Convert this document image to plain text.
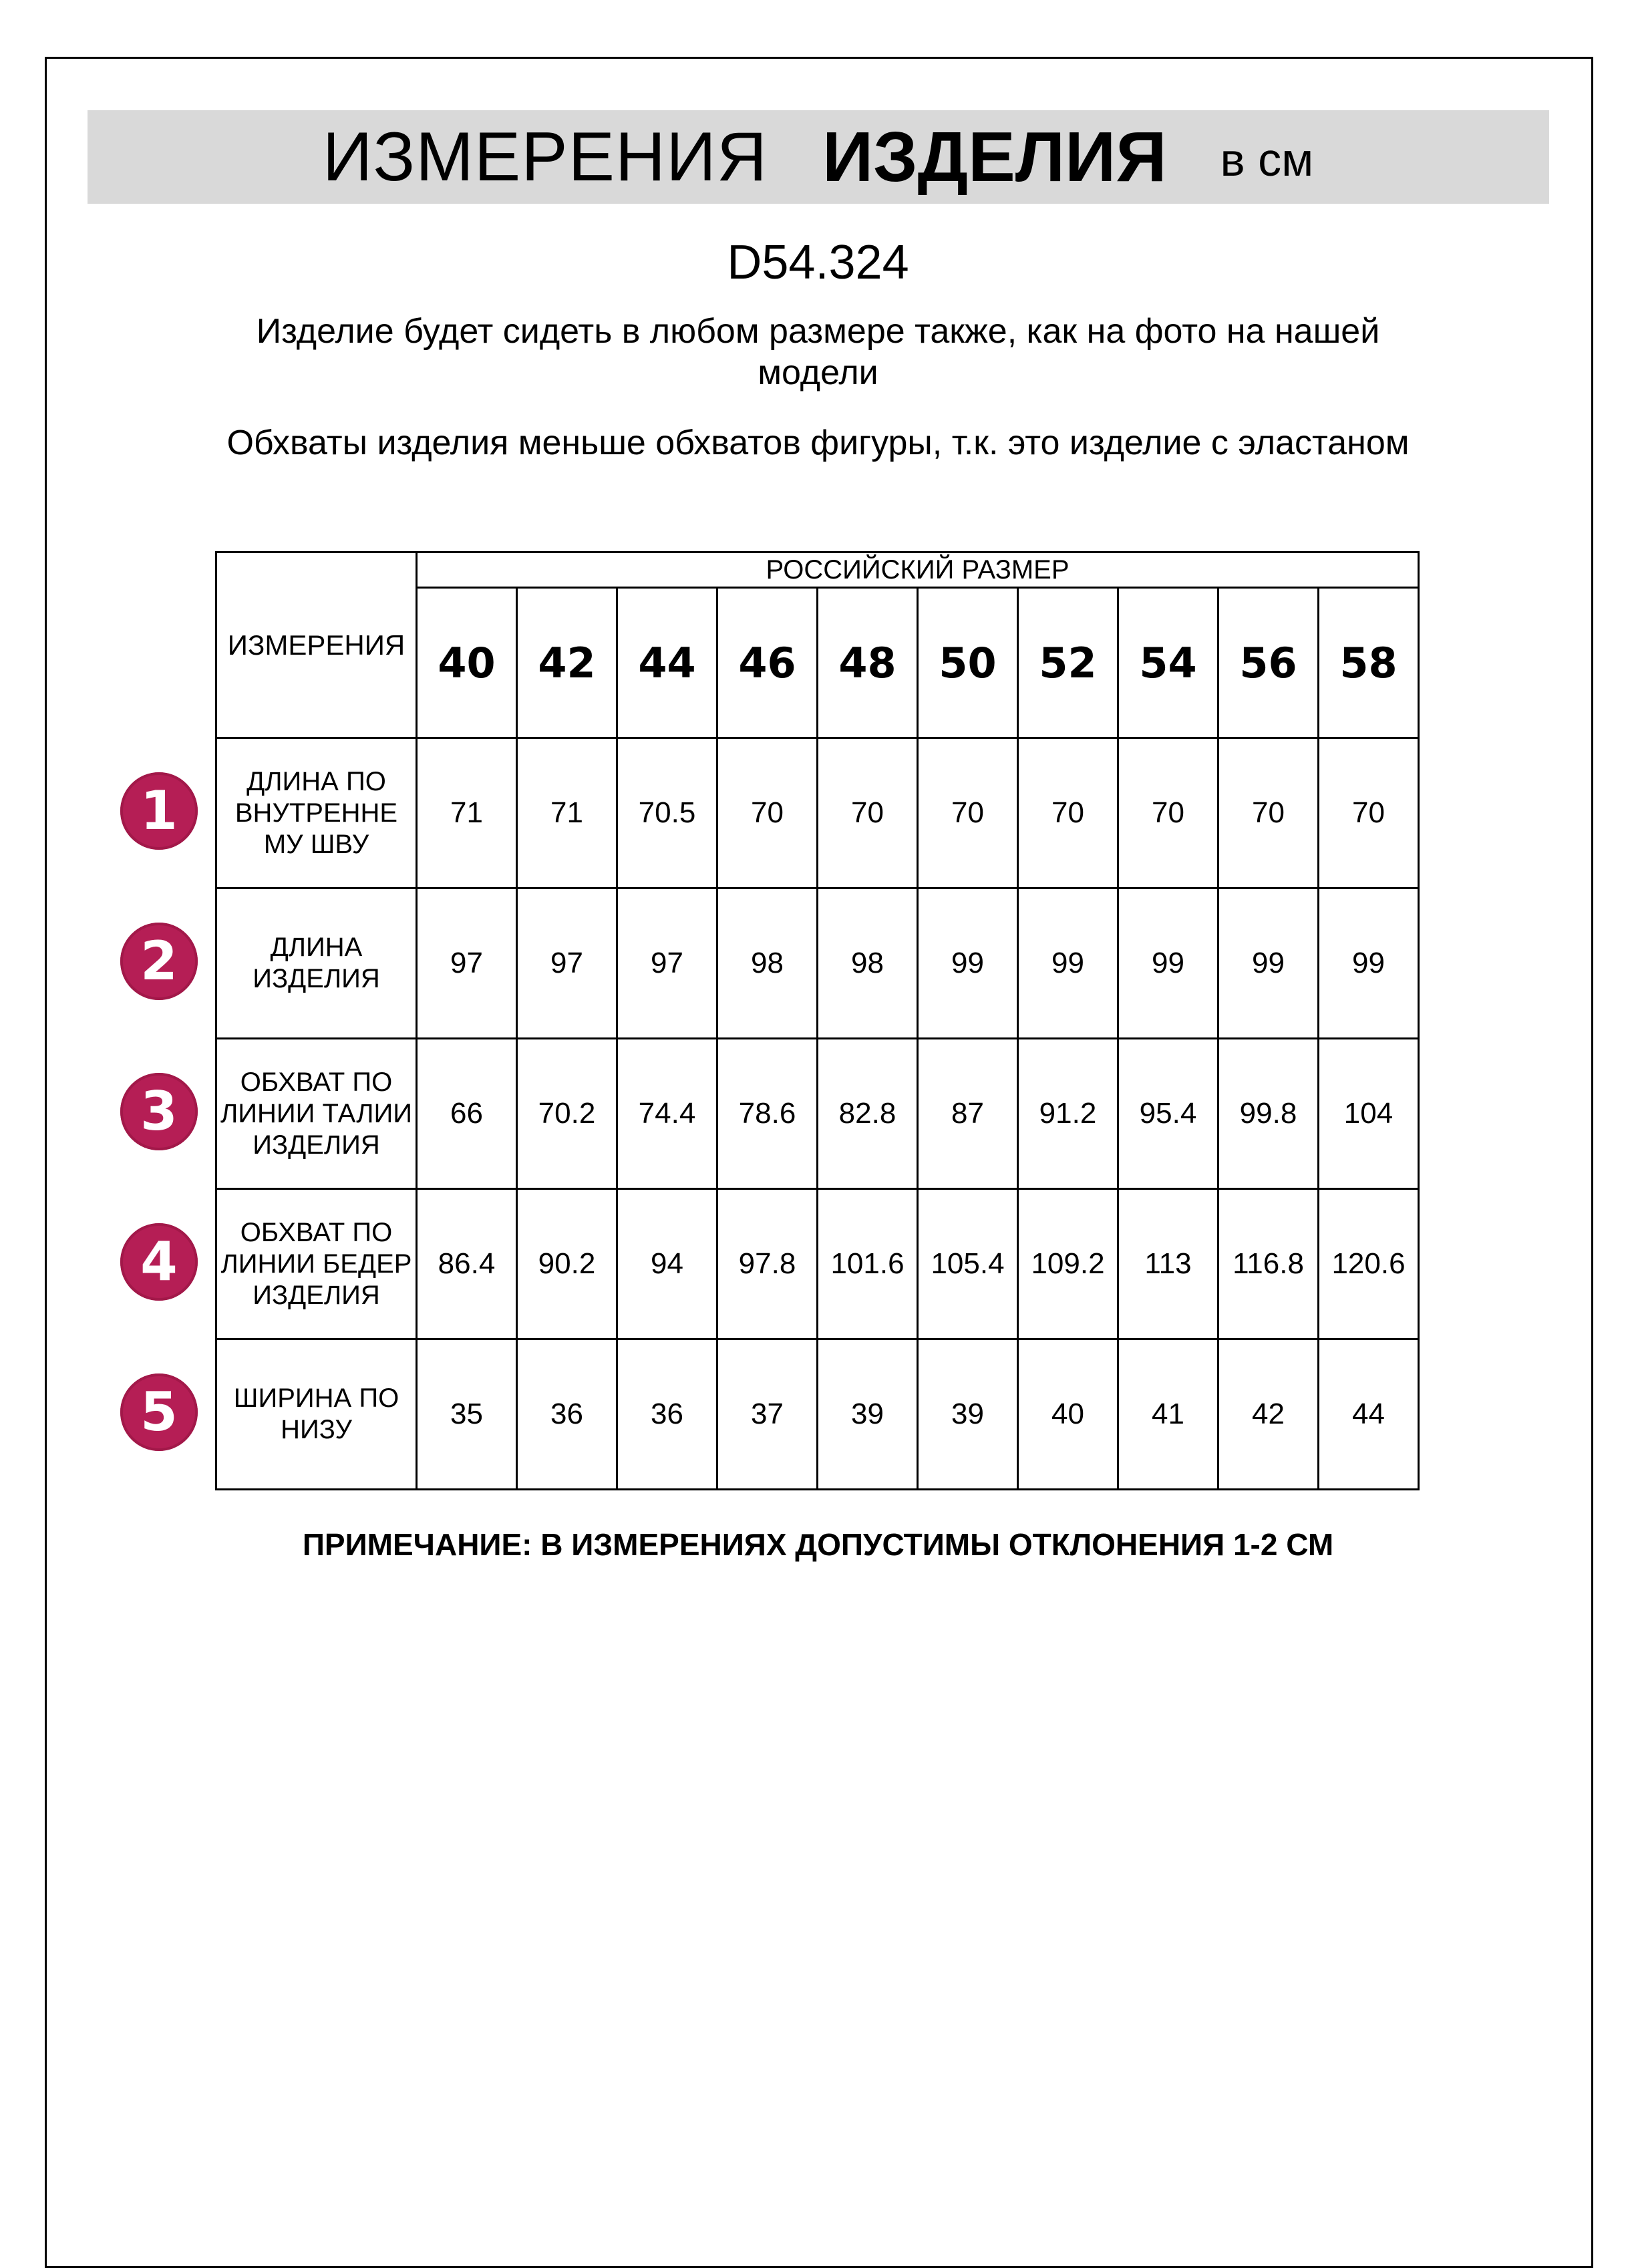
ИЗМЕРЕНИЯ ИЗДЕЛИЯ в см
D54.324
Изделие будет сидеть в любом размере также, как на фото на нашей модели
Обхваты изделия меньше обхватов фигуры, т.к. это изделие с эластаном
ИЗМЕРЕНИЯ	РОССИЙСКИЙ РАЗМЕР									
	40	42	44	46	48	50	52	54	56	58
ДЛИНА ПО ВНУТРЕННЕ МУ ШВУ	71	71	70.5	70	70	70	70	70	70	70
ДЛИНА ИЗДЕЛИЯ	97	97	97	98	98	99	99	99	99	99
ОБХВАТ ПО ЛИНИИ ТАЛИИ ИЗДЕЛИЯ	66	70.2	74.4	78.6	82.8	87	91.2	95.4	99.8	104
ОБХВАТ ПО ЛИНИИ БЕДЕР ИЗДЕЛИЯ	86.4	90.2	94	97.8	101.6	105.4	109.2	113	116.8	120.6
ШИРИНА ПО НИЗУ	35	36	36	37	39	39	40	41	42	44
1
2
3
4
5
ПРИМЕЧАНИЕ: В ИЗМЕРЕНИЯХ ДОПУСТИМЫ ОТКЛОНЕНИЯ 1-2 СМ
